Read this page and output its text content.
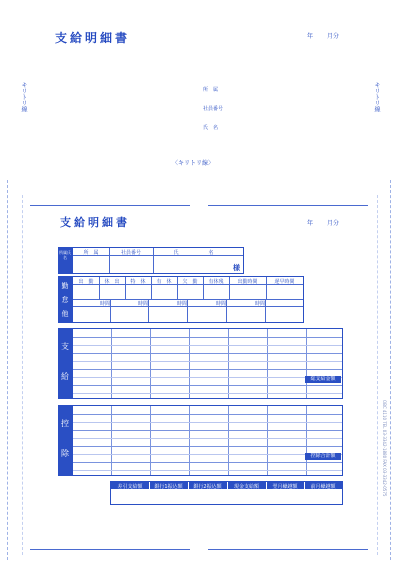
支給明細書	年 月分
所　属
社員番号
氏　名
キリトリ線	キリトリ線
〈キリトリ線〉
支給明細書	年 月分
所属氏名
所　属	社員番号	氏	名
様
勤
怠
他
出　勤	休　出	特　休	有　休	欠　勤	有休残	出勤時間	遅早時間
時間	時間	時間	時間	時間
支
給	総支給金額
控
除	控除合計額
差引支給額	銀行1振込額	銀行2振込額	現金支給額	翌月繰越額	前月繰越額	OBC 4110 TEL 03-3342-1880 FAX 03-3342-0575
